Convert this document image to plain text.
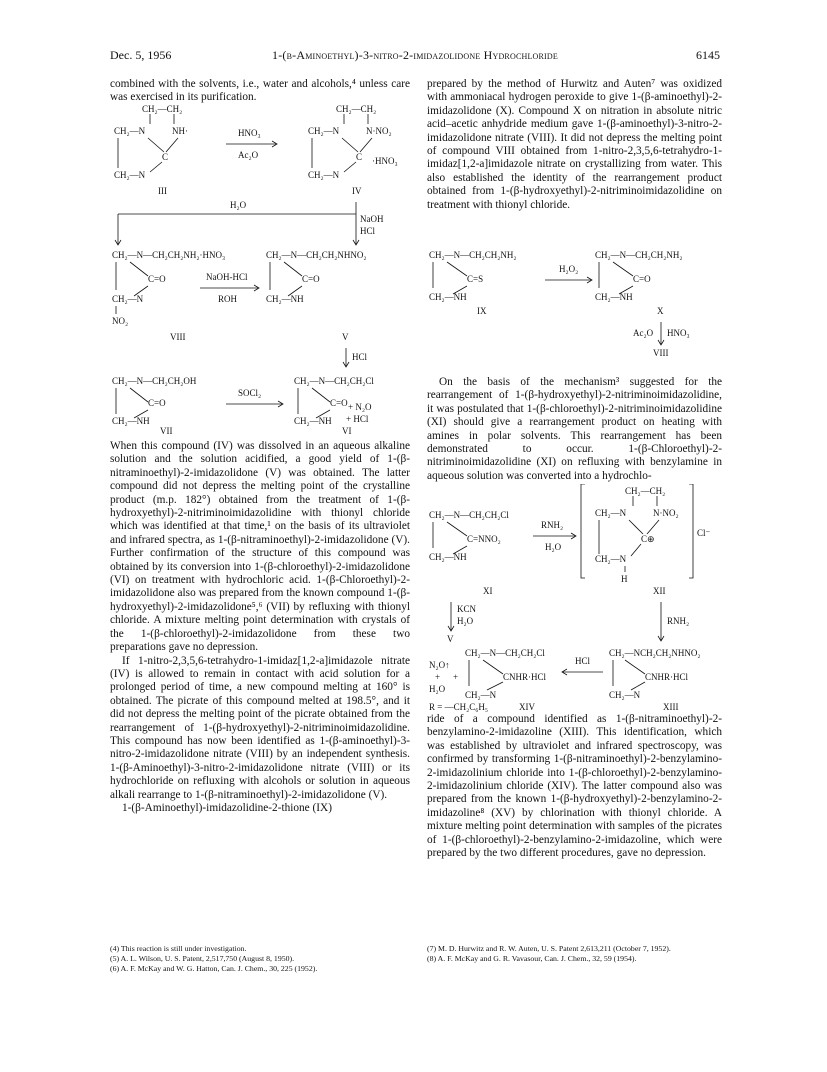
Dec. 5, 1956	1-(β-Aminoethyl)-3-nitro-2-imidazolidone Hydrochloride	6145

combined with the solvents, i.e., water and alcohols,⁴ unless care was exercised in its purification.

CH₂—CH₂
CH₂—N	NH·
C
CH₂—N
III
HNO₃
Ac₂O
CH₂—CH₂
CH₂—N	N·NO₂
C ·HNO₃
CH₂—N
IV
H₂O
NaOH
HCl
CH₂—N—CH₂CH₂NH₂·HNO₃
C=O
CH₂—N
NO₂
VIII
NaOH-HCl
ROH
CH₂—N—CH₂CH₂NHNO₂
C=O
CH₂—NH
V
HCl
CH₂—N—CH₂CH₂OH
C=O
CH₂—NH
VII
SOCl₂
CH₂—N—CH₂CH₂Cl
C=O + N₂O
CH₂—NH + HCl
VI

When this compound (IV) was dissolved in an aqueous alkaline solution and the solution acidified, a good yield of 1-(β-nitraminoethyl)-2-imidazolidone (V) was obtained. The latter compound did not depress the melting point of the crystalline product (m.p. 182°) obtained from the treatment of 1-(β-hydroxyethyl)-2-nitriminoimidazolidine with thionyl chloride which was identified at that time,¹ on the basis of its ultraviolet and infrared spectra, as 1-(β-nitraminoethyl)-2-imidazolidone (V). Further confirmation of the structure of this compound was obtained by its conversion into 1-(β-chloroethyl)-2-imidazolidone (VI) on treatment with hydrochloric acid. 1-(β-Chloroethyl)-2-imidazolidone also was prepared from the known compound 1-(β-hydroxyethyl)-2-imidazolidone⁵,⁶ (VII) by refluxing with thionyl chloride. A mixture melting point determination with crystals of the 1-(β-chloroethyl)-2-imidazolidone from these two preparations gave no depression.

If 1-nitro-2,3,5,6-tetrahydro-1-imidaz[1,2-a]imidazole nitrate (IV) is allowed to remain in contact with acid solution for a prolonged period of time, a new compound melting at 160° is obtained. The picrate of this compound melted at 198.5°, and it did not depress the melting point of the picrate obtained from the rearrangement of 1-(β-hydroxyethyl)-2-nitriminoimidazolidine. This compound has now been identified as 1-(β-aminoethyl)-3-nitro-2-imidazolidone nitrate (VIII) by an independent synthesis. 1-(β-Aminoethyl)-3-nitro-2-imidazolidone nitrate (VIII) or its hydrochloride on refluxing with alcohols or solution in aqueous alkali rearrange to 1-(β-nitraminoethyl)-2-imidazolidone (V).

1-(β-Aminoethyl)-imidazolidine-2-thione (IX)

prepared by the method of Hurwitz and Auten⁷ was oxidized with ammoniacal hydrogen peroxide to give 1-(β-aminoethyl)-2-imidazolidone (X). Compound X on nitration in absolute nitric acid–acetic anhydride medium gave 1-(β-aminoethyl)-3-nitro-2-imidazolidone nitrate (VIII). It did not depress the melting point of compound VIII obtained from 1-nitro-2,3,5,6-tetrahydro-1-imidaz[1,2-a]imidazole nitrate on crystallizing from water. This also established the identity of the rearrangement product obtained from 1-(β-hydroxyethyl)-2-nitriminoimidazolidine on treatment with thionyl chloride.

CH₂—N—CH₂CH₂NH₂
C=S
CH₂—NH
IX
H₂O₂
CH₂—N—CH₂CH₂NH₂
C=O
CH₂—NH
X
Ac₂O HNO₃
VIII

On the basis of the mechanism³ suggested for the rearrangement of 1-(β-hydroxyethyl)-2-nitriminoimidazolidine, it was postulated that 1-(β-chloroethyl)-2-nitriminoimidazolidine (XI) should give a rearrangement product on heating with amines in polar solvents. This rearrangement has been demonstrated to occur. 1-(β-Chloroethyl)-2-nitriminoimidazolidine (XI) on refluxing with benzylamine in aqueous solution was converted into a hydrochlo-

CH₂—N—CH₂CH₂Cl
C=NNO₂
CH₂—NH
XI
RNH₂
H₂O
CH₂—CH₂
CH₂—N	N·NO₂
C⊕
CH₂—N
H
Cl⁻
XII
KCN
H₂O
V
RNH₂
N₂O↑
+ +
H₂O
CH₂—N—CH₂CH₂Cl
CNHR·HCl
CH₂—N
R = —CH₂C₆H₅	XIV
HCl
CH₂—NCH₂CH₂NHNO₂
CNHR·HCl
CH₂—N
XIII

ride of a compound identified as 1-(β-nitraminoethyl)-2-benzylamino-2-imidazoline (XIII). This identification, which was established by ultraviolet and infrared spectroscopy, was confirmed by transforming 1-(β-nitraminoethyl)-2-benzylamino-2-imidazolinium chloride into 1-(β-chloroethyl)-2-benzylamino-2-imidazolinium chloride (XIV). The latter compound also was prepared from the known 1-(β-hydroxyethyl)-2-benzylamino-2-imidazoline⁸ (XV) by chlorination with thionyl chloride. A mixture melting point determination with samples of the picrates of 1-(β-chloroethyl)-2-benzylamino-2-imidazoline, which were prepared by the two different procedures, gave no depression.

(4) This reaction is still under investigation.
(5) A. L. Wilson, U. S. Patent, 2,517,750 (August 8, 1950).
(6) A. F. McKay and W. G. Hatton, Can. J. Chem., 30, 225 (1952).
(7) M. D. Hurwitz and R. W. Auten, U. S. Patent 2,613,211 (October 7, 1952).
(8) A. F. McKay and G. R. Vavasour, Can. J. Chem., 32, 59 (1954).
